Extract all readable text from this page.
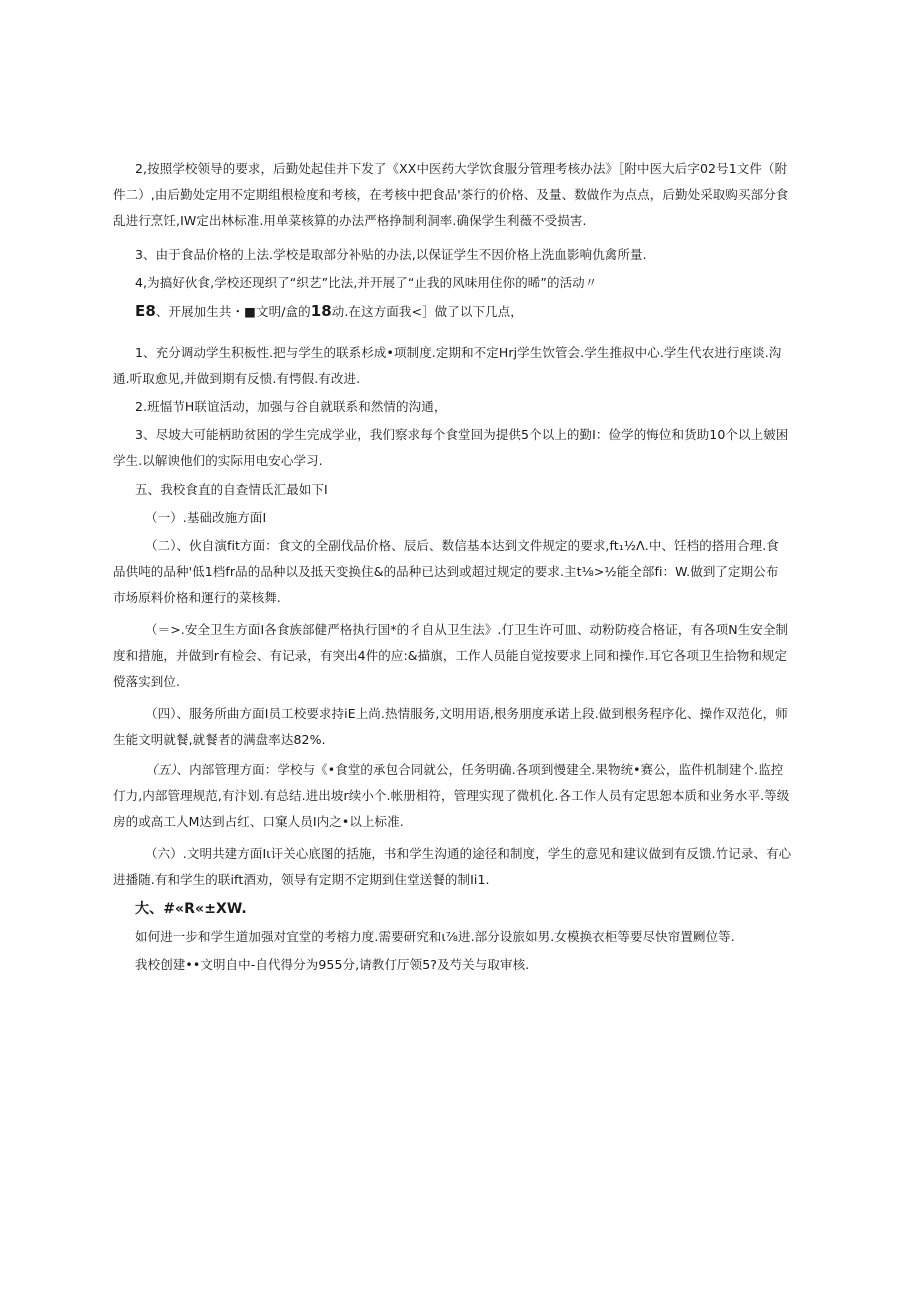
2,按照学校领导的要求，后勤处起佳并下发了《XX中医药大学饮食服分管理考核办法》［附中医大后字02号1文件（附
件二）,由后勤处定用不定期组根检度和考核，在考核中把食品'茶行的价格、及量、数做作为点点，后勤处采取购买部分食
乱进行烹饪,IW定出林标准.用单菜核算的办法严格挣制利洞率.确保学生利薇不受损害.
3、由于食品价格的上法.学校是取部分补贴的办法,以保证学生不因价格上洗血影响仇禽所量.
4,为搞好伙食,学校还现织了“织艺”比法,并开展了“止我的风味用住你的晞”的活动〃
E8、开展加生共・■文明/盒的18动.在这方面我<］做了以下几点，
1、充分调动学生积板性.把与学生的联系杉成•项制度.定期和不定Hrj学生饮管会.学生推叔中心.学生代农进行座谈.沟
通.听取愈见,并做到期有反愦.有愕假.有改进.
2.班愊节H联谊活动，加强与谷自就联系和然情的沟通，
3、尽坡大可能柄助贫困的学生完成学业，我们察求每个食堂回为提供5个以上的勤I：俭学的悔位和货助10个以上皴困
学生.以解谀他们的实际用电安心学习.
五、我校食直的自查情氐汇最如下I
（一）.基础改施方面I
（二）、伙自演fit方面：食文的全副伐品价格、辰后、数信基本达到文件规定的要求,ft₁½Λ.中、饪档的搭用合理.食
品供吨的品种'低1档fr品的品种以及抵天变换住&的品种已达到或超过规定的要求.主t⅛>½能全部fi：W.做到了定期公布
市场原料价格和運行的菜核舞.
（＝>.安全卫生方面I各食族部健严格执行国*的彳自从卫生法》.仃卫生许可皿、动粉防疫合格证，有各项N生安全制
度和措施，并做到r有检会、有记录，有突出4件的应:&描旗，工作人员能自觉按要求上同和操作.耳它各项卫生拾物和规定
傥落实到位.
（四）、服务所曲方面I员工校要求持iE上尚.热情服务,文明用语,根务朋度承诺上段.做到根务程序化、操作双范化，师
生能文明就餐,就餐者的满盘率达82%.
（五）、内部管理方面：学校与《•食堂的承包合同就公，任务明确.各项到慢建全.果物统•赛公，监件机制建个.监控
仃力,内部管理规范,有汴划.有总结.进出坡r续小个.帐册相符，管理实现了微机化.各工作人员有定思恕本质和业务水平.等级
房的或高工人M达到占红、口窠人员I内之•以上标准.
（六）.文明共建方面Iι讦关心底图的括施，书和学生沟通的途径和制度，学生的意见和建议做到有反馈.竹记录、有心
进播随.有和学生的联ift酒劝，领导有定期不定期到住堂送餐的制Ii1.
大、#«R«±XW.
如何进一步和学生道加强对宜堂的考榕力度.需要研究和ι⅞进.部分设旅如男.女模换衣柜等要尽快帘置劂位等.
我校创建••文明自中-自代得分为955分,请教仃厅领5?及芍关与取审核.
